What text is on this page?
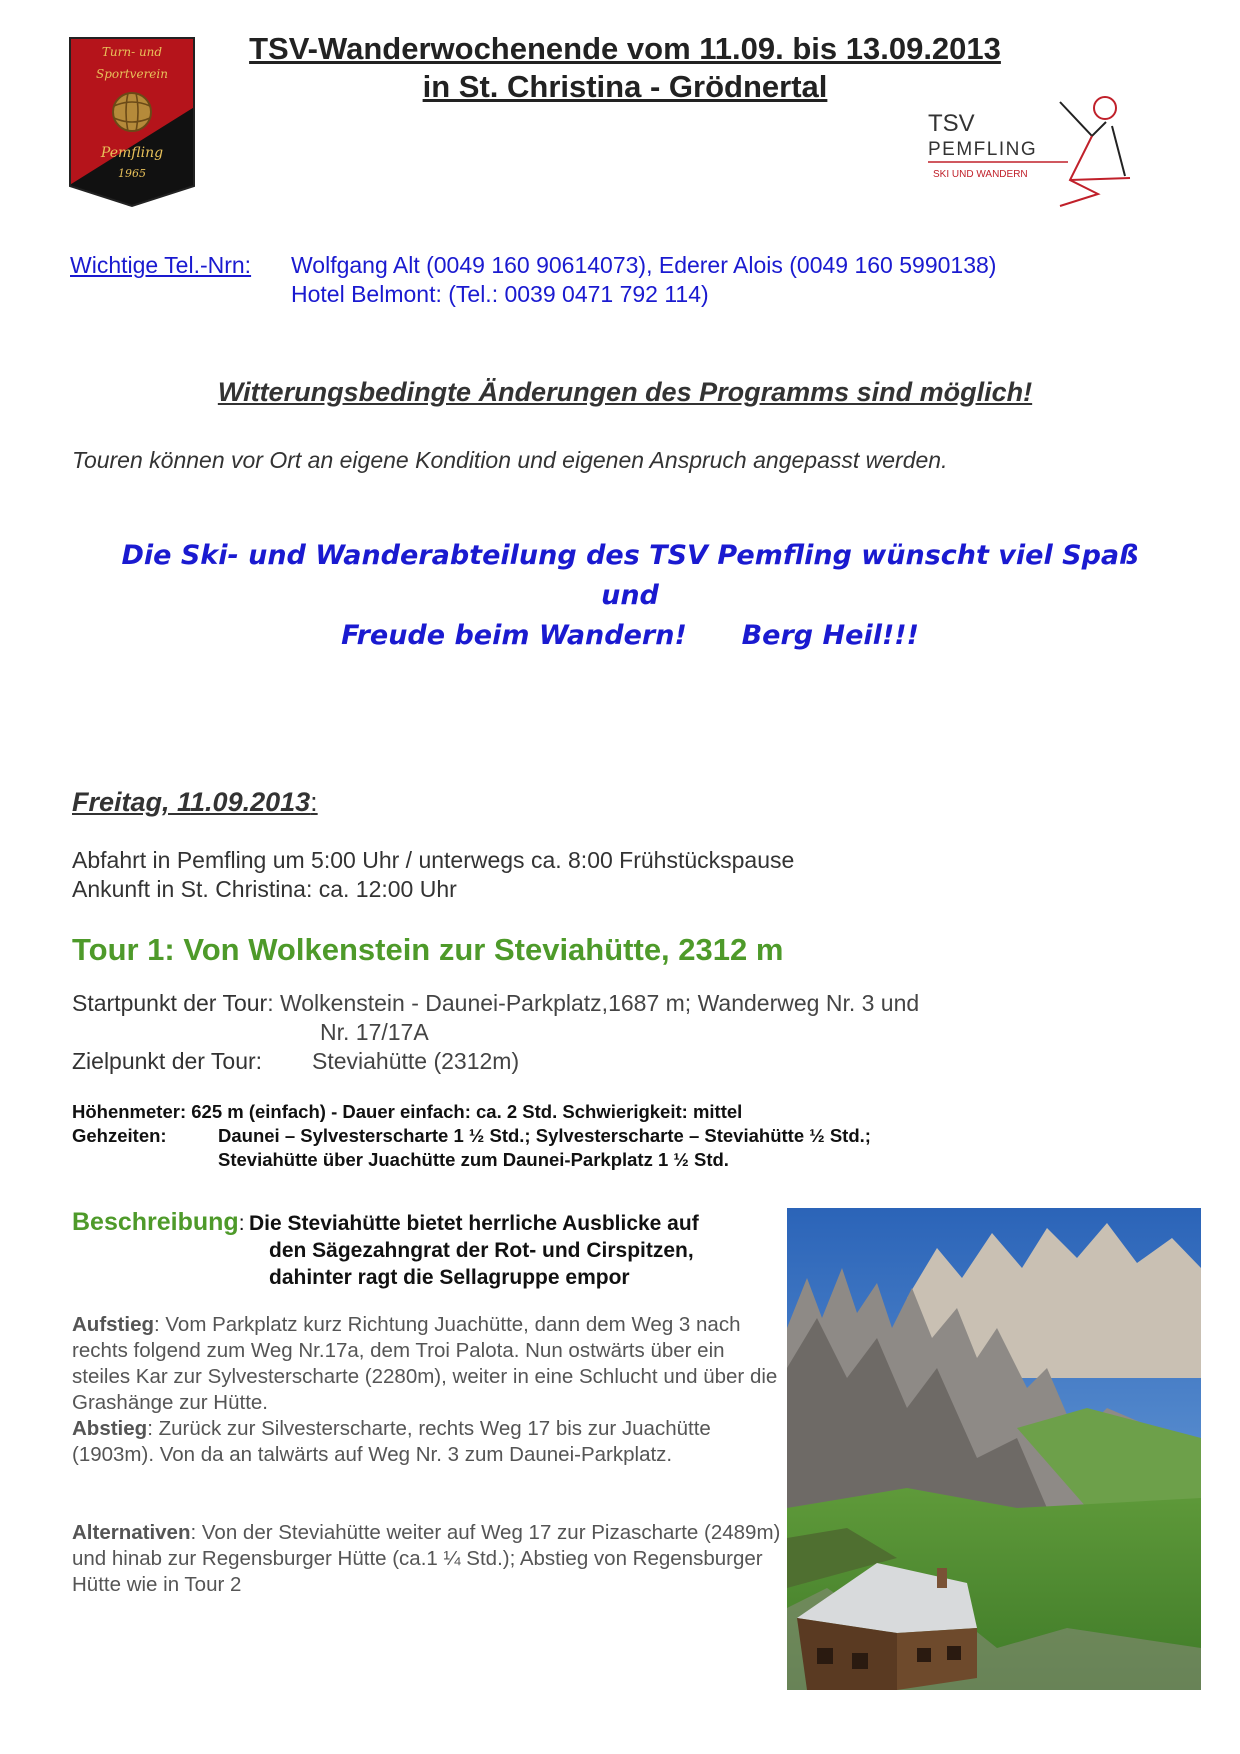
Turn- und
Sportverein
Pemfling
1965
TSV-Wanderwochenende vom 11.09. bis 13.09.2013
in St. Christina - Grödnertal
TSV
PEMFLING
SKI UND WANDERN
Wichtige Tel.-Nrn: Wolfgang Alt (0049 160 90614073), Ederer Alois (0049 160 5990138)
Hotel Belmont: (Tel.: 0039 0471 792 114)
Witterungsbedingte Änderungen des Programms sind möglich!
Touren können vor Ort an eigene Kondition und eigenen Anspruch angepasst werden.
Die Ski- und Wanderabteilung des TSV Pemfling wünscht viel Spaß und
Freude beim Wandern! Berg Heil!!!
Freitag, 11.09.2013:
Abfahrt in Pemfling um 5:00 Uhr / unterwegs ca. 8:00 Frühstückspause
Ankunft in St. Christina: ca. 12:00 Uhr
Tour 1: Von Wolkenstein zur Steviahütte, 2312 m
Startpunkt der Tour: Wolkenstein - Daunei-Parkplatz,1687 m; Wanderweg Nr. 3 und
Nr. 17/17A
Zielpunkt der Tour: Steviahütte (2312m)
Höhenmeter: 625 m (einfach) - Dauer einfach: ca. 2 Std. Schwierigkeit: mittel
Gehzeiten:	Daunei – Sylvesterscharte 1 ½ Std.; Sylvesterscharte – Steviahütte ½ Std.;
Steviahütte über Juachütte zum Daunei-Parkplatz 1 ½ Std.
Beschreibung: Die Steviahütte bietet herrliche Ausblicke auf
den Sägezahngrat der Rot- und Cirspitzen,
dahinter ragt die Sellagruppe empor
Aufstieg: Vom Parkplatz kurz Richtung Juachütte, dann dem Weg 3 nach rechts folgend zum Weg Nr.17a, dem Troi Palota. Nun ostwärts über ein steiles Kar zur Sylvesterscharte (2280m), weiter in eine Schlucht und über die Grashänge zur Hütte.
Abstieg: Zurück zur Silvesterscharte, rechts Weg 17 bis zur Juachütte (1903m). Von da an talwärts auf Weg Nr. 3 zum Daunei-Parkplatz.
Alternativen: Von der Steviahütte weiter auf Weg 17 zur Pizascharte (2489m) und hinab zur Regensburger Hütte (ca.1 ¼ Std.); Abstieg von Regensburger Hütte wie in Tour 2
